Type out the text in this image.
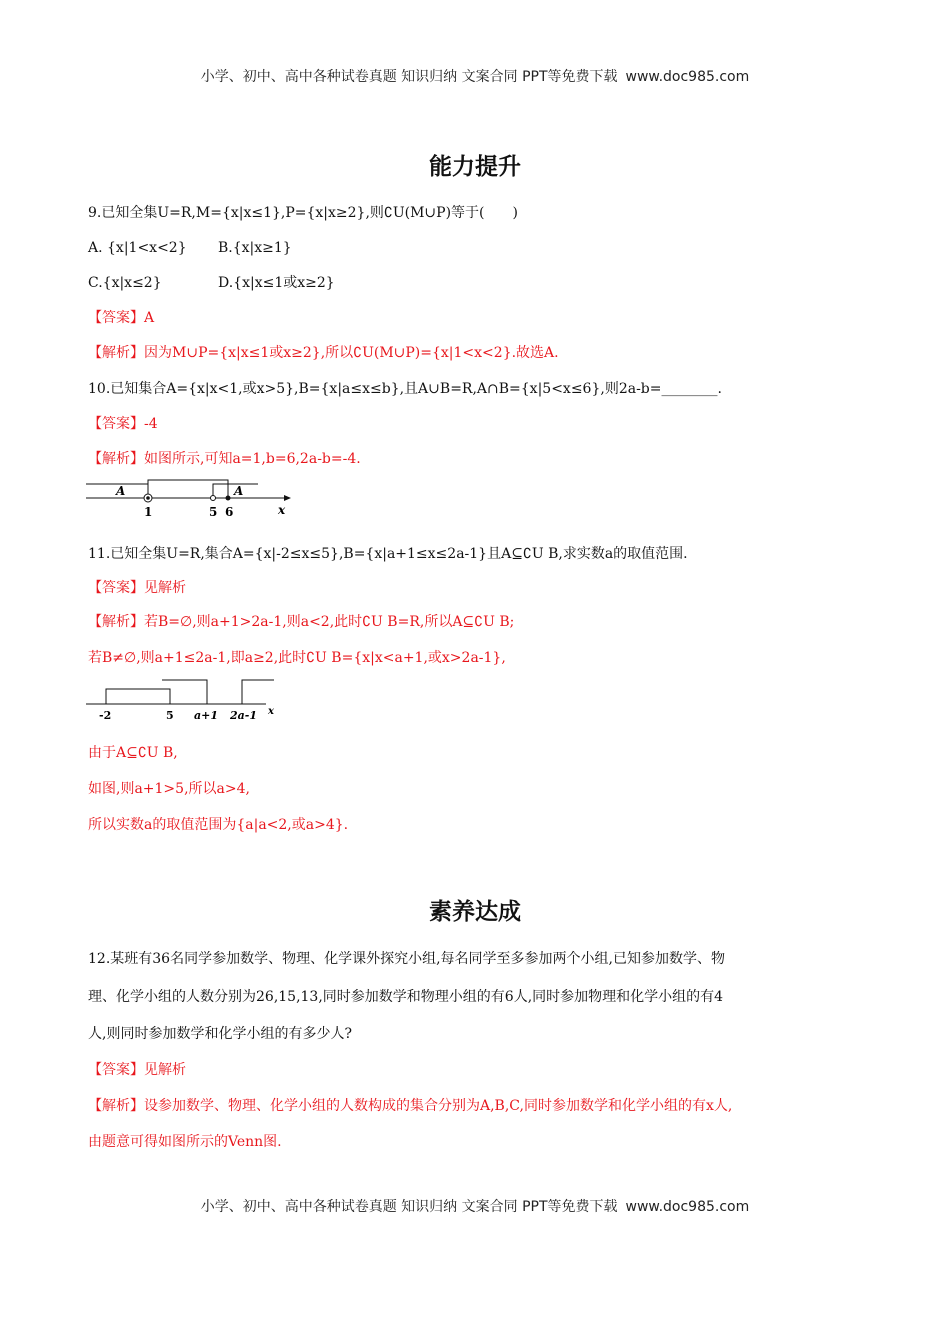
小学、初中、高中各种试卷真题 知识归纳 文案合同 PPT等免费下载 www.doc985.com
能力提升
9.已知全集U=R,M={x|x≤1},P={x|x≥2},则∁U(M∪P)等于(　　)
A. {x|1<x<2} B.{x|x≥1}
C.{x|x≤2}	D.{x|x≤1或x≥2}
【答案】A
【解析】因为M∪P={x|x≤1或x≥2},所以∁U(M∪P)={x|1<x<2}.故选A.
10.已知集合A={x|x<1,或x>5},B={x|a≤x≤b},且A∪B=R,A∩B={x|5<x≤6},则2a-b=________.
【答案】-4
【解析】如图所示,可知a=1,b=6,2a-b=-4.
A	A
1	5 6	x
11.已知全集U=R,集合A={x|-2≤x≤5},B={x|a+1≤x≤2a-1}且A⊆∁U B,求实数a的取值范围.
【答案】见解析
【解析】若B=∅,则a+1>2a-1,则a<2,此时∁U B=R,所以A⊆∁U B;
若B≠∅,则a+1≤2a-1,即a≥2,此时∁U B={x|x<a+1,或x>2a-1},
-2	5 a+1 2a-1 x
由于A⊆∁U B,
如图,则a+1>5,所以a>4,
所以实数a的取值范围为{a|a<2,或a>4}.
素养达成
12.某班有36名同学参加数学、物理、化学课外探究小组,每名同学至多参加两个小组,已知参加数学、物
理、化学小组的人数分别为26,15,13,同时参加数学和物理小组的有6人,同时参加物理和化学小组的有4
人,则同时参加数学和化学小组的有多少人?
【答案】见解析
【解析】设参加数学、物理、化学小组的人数构成的集合分别为A,B,C,同时参加数学和化学小组的有x人,
由题意可得如图所示的Venn图.
小学、初中、高中各种试卷真题 知识归纳 文案合同 PPT等免费下载 www.doc985.com
